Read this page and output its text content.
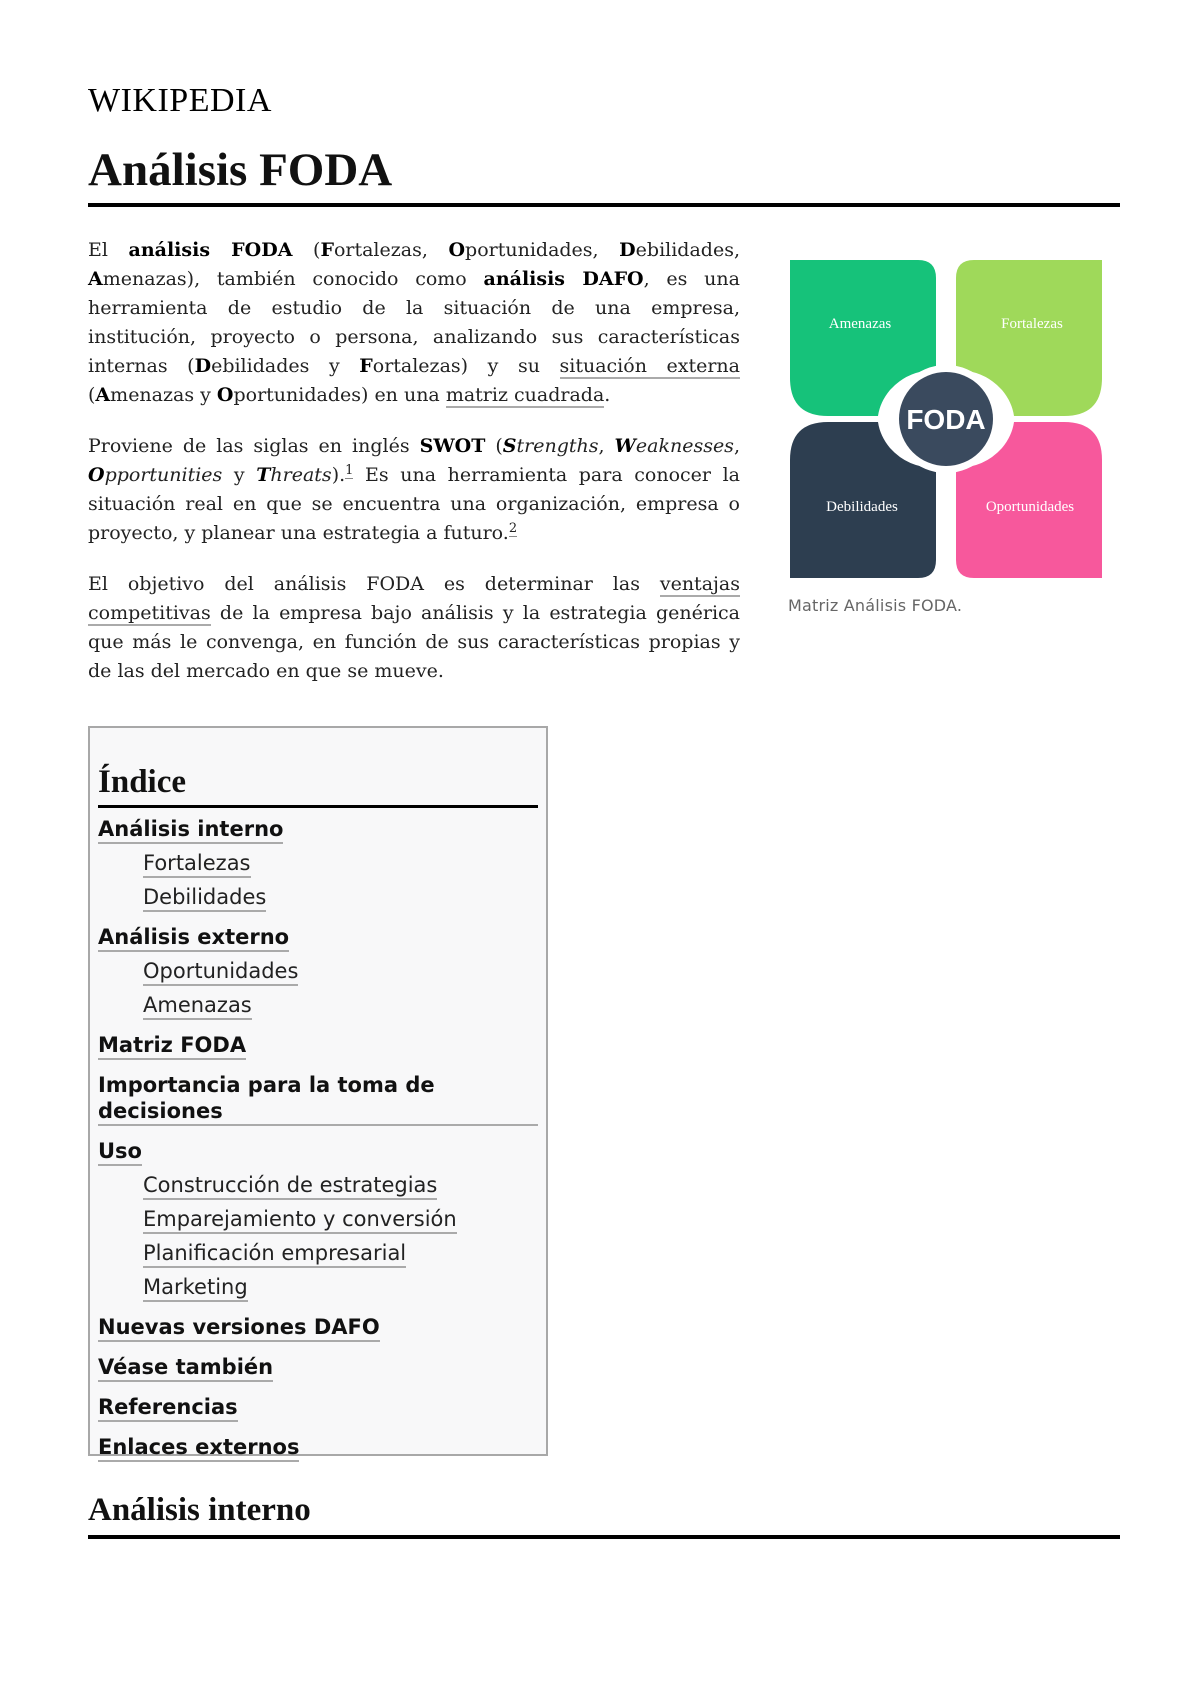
WIKIPEDIA
Análisis FODA

El análisis FODA (Fortalezas, Oportunidades, Debilidades, Amenazas), también conocido como análisis DAFO, es una herramienta de estudio de la situación de una empresa, institución, proyecto o persona, analizando sus características internas (Debilidades y Fortalezas) y su situación externa (Amenazas y Oportunidades) en una matriz cuadrada.

Proviene de las siglas en inglés SWOT (Strengths, Weaknesses, Opportunities y Threats).$^1$ Es una herramienta para conocer la situación real en que se encuentra una organización, empresa o proyecto, y planear una estrategia a futuro.$^2$

El objetivo del análisis FODA es determinar las ventajas competitivas de la empresa bajo análisis y la estrategia genérica que más le convenga, en función de sus características propias y de las del mercado en que se mueve.

FODA
Amenazas	Fortalezas
Debilidades	Oportunidades
Matriz Análisis FODA.
Índice
Análisis interno
Fortalezas
Debilidades
Análisis externo
Oportunidades
Amenazas
Matriz FODA
Importancia para la toma de decisiones
Uso
Construcción de estrategias
Emparejamiento y conversión
Planificación empresarial
Marketing
Nuevas versiones DAFO
Véase también
Referencias
Enlaces externos
Análisis interno
